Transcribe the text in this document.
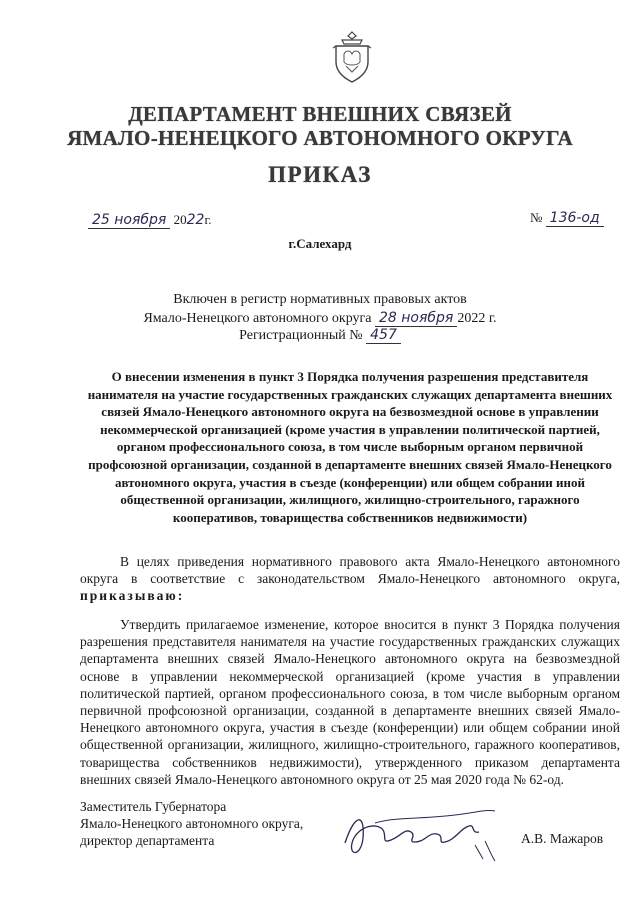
ДЕПАРТАМЕНТ ВНЕШНИХ СВЯЗЕЙ
ЯМАЛО-НЕНЕЦКОГО АВТОНОМНОГО ОКРУГА
ПРИКАЗ
25 ноября 2022г.	№ 136-од
г.Салехард
Включен в регистр нормативных правовых актов
Ямало-Ненецкого автономного округа 28 ноября 2022 г.
Регистрационный № 457
О внесении изменения в пункт 3 Порядка получения разрешения представителя нанимателя на участие государственных гражданских служащих департамента внешних связей Ямало-Ненецкого автономного округа на безвозмездной основе в управлении некоммерческой организацией (кроме участия в управлении политической партией, органом профессионального союза, в том числе выборным органом первичной профсоюзной организации, созданной в департаменте внешних связей Ямало-Ненецкого автономного округа, участия в съезде (конференции) или общем собрании иной общественной организации, жилищного, жилищно-строительного, гаражного кооперативов, товарищества собственников недвижимости)
В целях приведения нормативного правового акта Ямало-Ненецкого автономного округа в соответствие с законодательством Ямало-Ненецкого автономного округа, приказываю:
Утвердить прилагаемое изменение, которое вносится в пункт 3 Порядка получения разрешения представителя нанимателя на участие государственных гражданских служащих департамента внешних связей Ямало-Ненецкого автономного округа на безвозмездной основе в управлении некоммерческой организацией (кроме участия в управлении политической партией, органом профессионального союза, в том числе выборным органом первичной профсоюзной организации, созданной в департаменте внешних связей Ямало-Ненецкого автономного округа, участия в съезде (конференции) или общем собрании иной общественной организации, жилищного, жилищно-строительного, гаражного кооперативов, товарищества собственников недвижимости), утвержденного приказом департамента внешних связей Ямало-Ненецкого автономного округа от 25 мая 2020 года № 62-од.
Заместитель Губернатора
Ямало-Ненецкого автономного округа,
директор департамента	А.В. Мажаров
